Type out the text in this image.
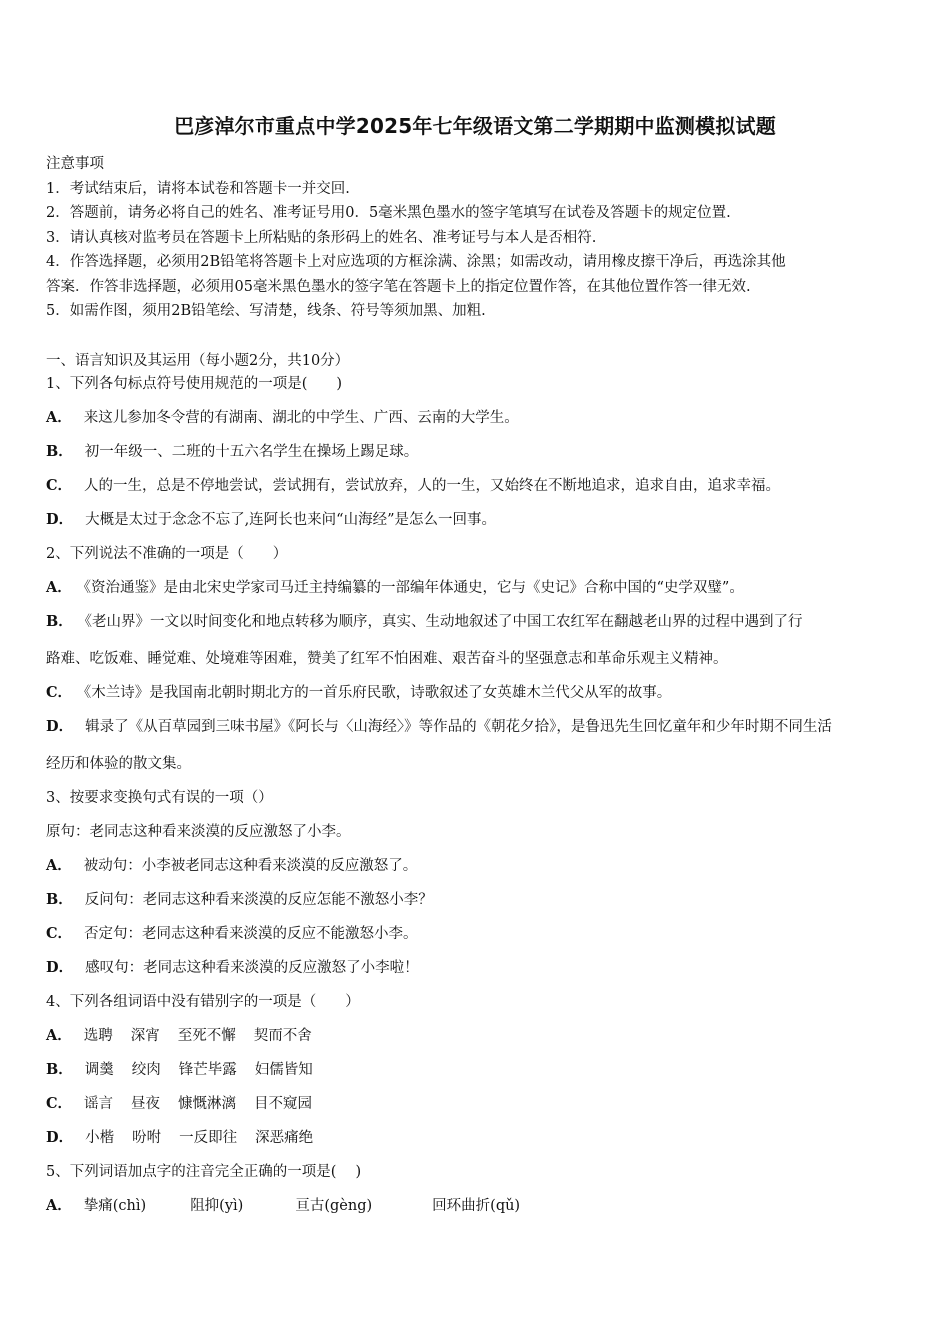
巴彦淖尔市重点中学2025年七年级语文第二学期期中监测模拟试题
注意事项
1．考试结束后，请将本试卷和答题卡一并交回.
2．答题前，请务必将自己的姓名、准考证号用0．5毫米黑色墨水的签字笔填写在试卷及答题卡的规定位置.
3．请认真核对监考员在答题卡上所粘贴的条形码上的姓名、准考证号与本人是否相符.
4．作答选择题，必须用2B铅笔将答题卡上对应选项的方框涂满、涂黑；如需改动，请用橡皮擦干净后，再选涂其他
答案．作答非选择题，必须用05毫米黑色墨水的签字笔在答题卡上的指定位置作答，在其他位置作答一律无效.
5．如需作图，须用2B铅笔绘、写清楚，线条、符号等须加黑、加粗.
一、语言知识及其运用（每小题2分，共10分）
1、下列各句标点符号使用规范的一项是(　　)
A． 来这儿参加冬令营的有湖南、湖北的中学生、广西、云南的大学生。
B． 初一年级一、二班的十五六名学生在操场上踢足球。
C． 人的一生，总是不停地尝试，尝试拥有，尝试放弃，人的一生，又始终在不断地追求，追求自由，追求幸福。
D． 大概是太过于念念不忘了,连阿长也来问“山海经”是怎么一回事。
2、下列说法不准确的一项是（　　）
A． 《资治通鉴》是由北宋史学家司马迁主持编纂的一部编年体通史，它与《史记》合称中国的“史学双璧”。
B． 《老山界》一文以时间变化和地点转移为顺序，真实、生动地叙述了中国工农红军在翻越老山界的过程中遇到了行
路难、吃饭难、睡觉难、处境难等困难，赞美了红军不怕困难、艰苦奋斗的坚强意志和革命乐观主义精神。
C． 《木兰诗》是我国南北朝时期北方的一首乐府民歌，诗歌叙述了女英雄木兰代父从军的故事。
D． 辑录了《从百草园到三味书屋》《阿长与〈山海经〉》等作品的《朝花夕拾》，是鲁迅先生回忆童年和少年时期不同生活
经历和体验的散文集。
3、按要求变换句式有误的一项（）
原句：老同志这种看来淡漠的反应激怒了小李。
A． 被动句：小李被老同志这种看来淡漠的反应激怒了。
B． 反问句：老同志这种看来淡漠的反应怎能不激怒小李？
C． 否定句：老同志这种看来淡漠的反应不能激怒小李。
D． 感叹句：老同志这种看来淡漠的反应激怒了小李啦！
4、下列各组词语中没有错别字的一项是（　　）
A． 选聘 深宵 至死不懈 契而不舍
B． 调羹 绞肉 锋芒毕露 妇儒皆知
C． 谣言 昼夜 慷慨淋漓 目不窥园
D． 小楷 吩咐 一反即往 深恶痛绝
5、下列词语加点字的注音完全正确的一项是(　 )
A． 挚痛(chì)	阻抑(yì)	亘古(gèng)	回环曲折(qǔ)
